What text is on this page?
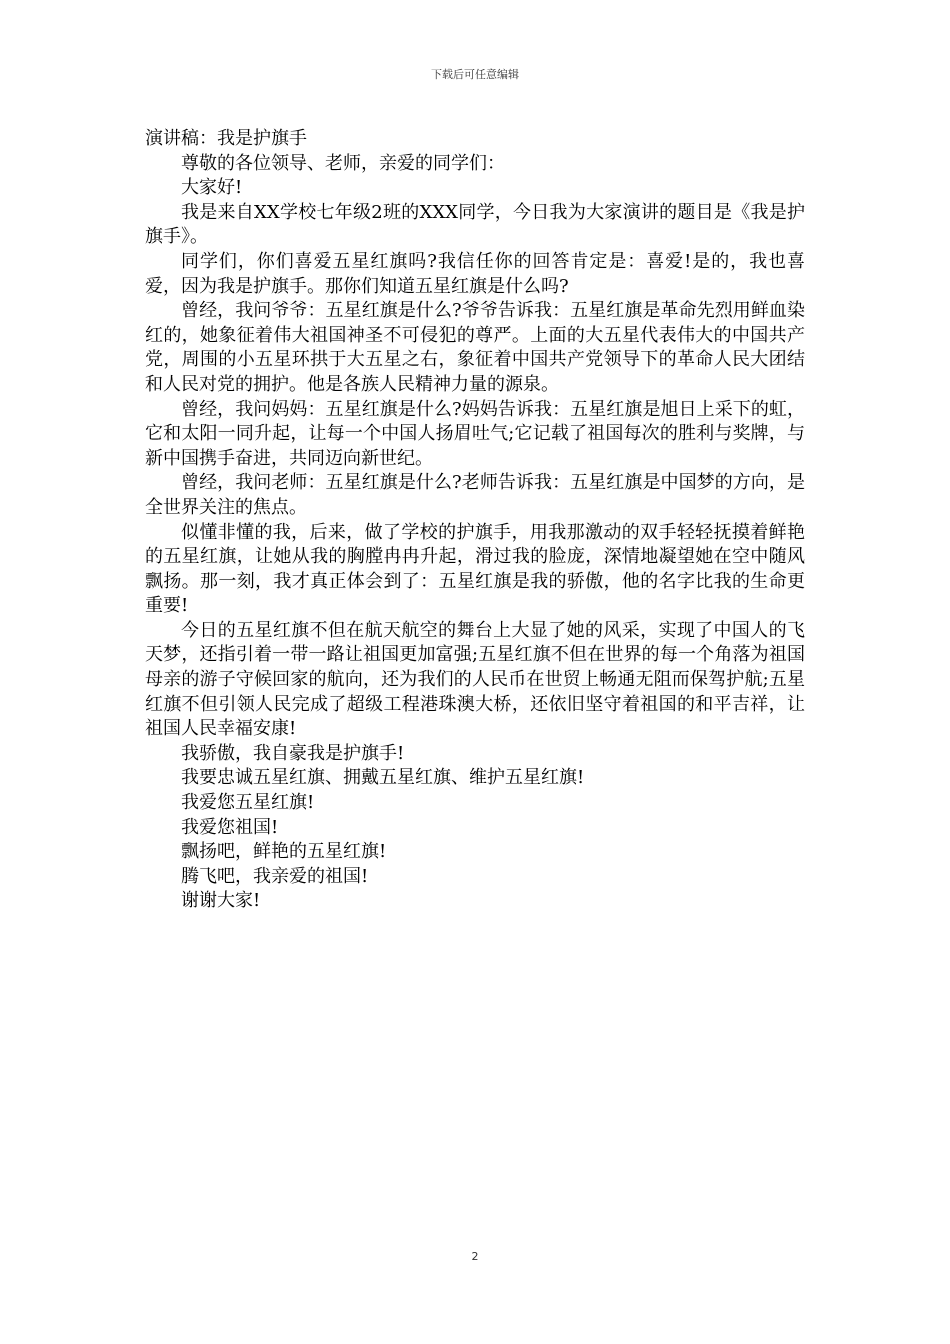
下载后可任意编辑
演讲稿：我是护旗手

尊敬的各位领导、老师，亲爱的同学们：

大家好!

我是来自XX学校七年级2班的XXX同学，今日我为大家演讲的题目是《我是护旗手》。

同学们，你们喜爱五星红旗吗?我信任你的回答肯定是：喜爱!是的，我也喜爱，因为我是护旗手。那你们知道五星红旗是什么吗?

曾经，我问爷爷：五星红旗是什么?爷爷告诉我：五星红旗是革命先烈用鲜血染红的，她象征着伟大祖国神圣不可侵犯的尊严。上面的大五星代表伟大的中国共产党，周围的小五星环拱于大五星之右，象征着中国共产党领导下的革命人民大团结和人民对党的拥护。他是各族人民精神力量的源泉。

曾经，我问妈妈：五星红旗是什么?妈妈告诉我：五星红旗是旭日上采下的虹，它和太阳一同升起，让每一个中国人扬眉吐气;它记载了祖国每次的胜利与奖牌，与新中国携手奋进，共同迈向新世纪。

曾经，我问老师：五星红旗是什么?老师告诉我：五星红旗是中国梦的方向，是全世界关注的焦点。

似懂非懂的我，后来，做了学校的护旗手，用我那激动的双手轻轻抚摸着鲜艳的五星红旗，让她从我的胸膛冉冉升起，滑过我的脸庞，深情地凝望她在空中随风飘扬。那一刻，我才真正体会到了：五星红旗是我的骄傲，他的名字比我的生命更重要!

今日的五星红旗不但在航天航空的舞台上大显了她的风采，实现了中国人的飞天梦，还指引着一带一路让祖国更加富强;五星红旗不但在世界的每一个角落为祖国母亲的游子守候回家的航向，还为我们的人民币在世贸上畅通无阻而保驾护航;五星红旗不但引领人民完成了超级工程港珠澳大桥，还依旧坚守着祖国的和平吉祥，让祖国人民幸福安康!

我骄傲，我自豪我是护旗手!

我要忠诚五星红旗、拥戴五星红旗、维护五星红旗!

我爱您五星红旗!

我爱您祖国!

飘扬吧，鲜艳的五星红旗!

腾飞吧，我亲爱的祖国!

谢谢大家!

2
